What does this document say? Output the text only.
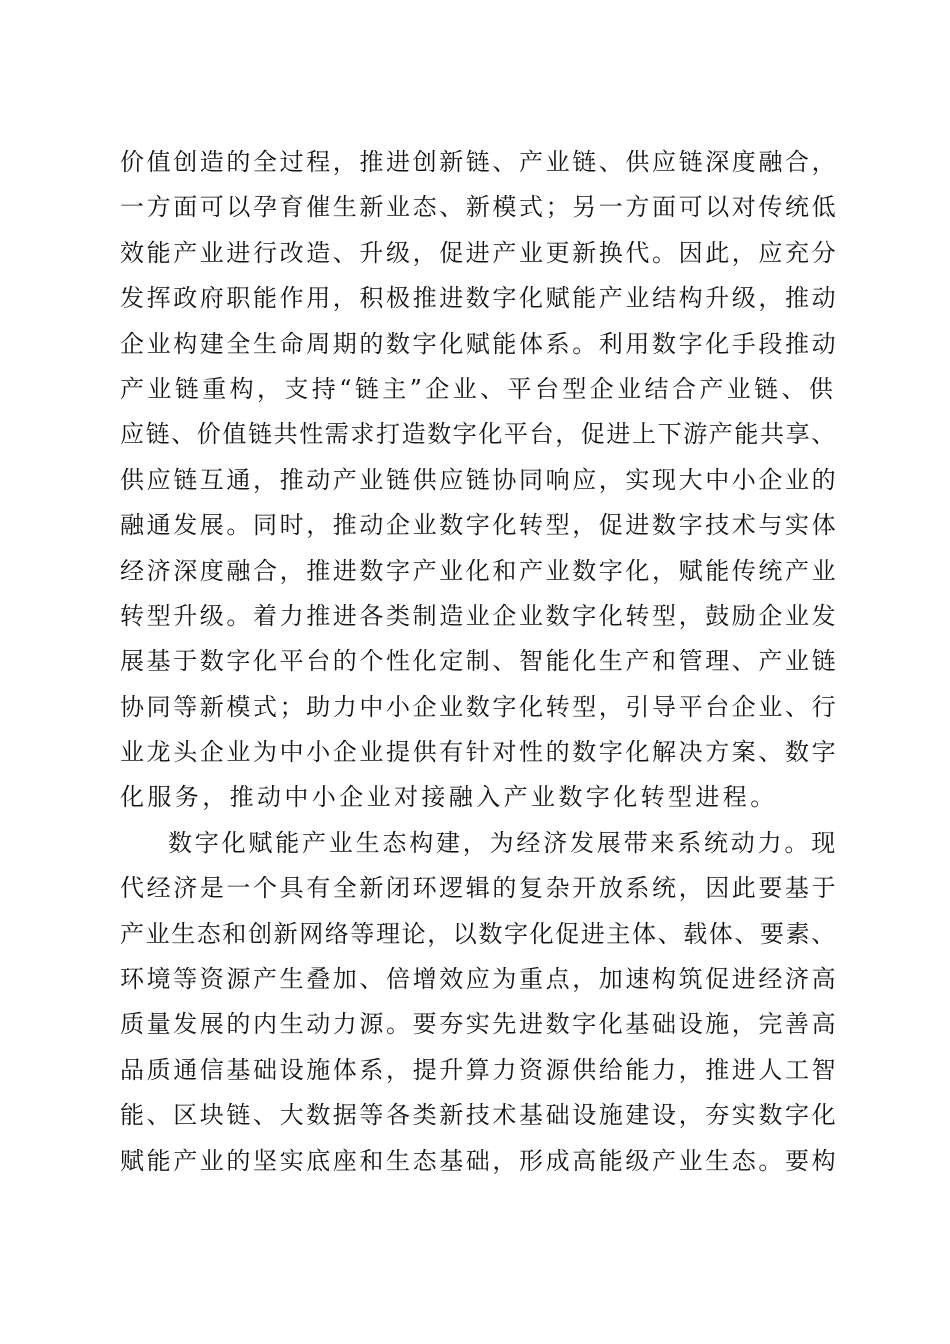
价值创造的全过程，推进创新链、产业链、供应链深度融合，
一方面可以孕育催生新业态、新模式；另一方面可以对传统低
效能产业进行改造、升级，促进产业更新换代。因此，应充分
发挥政府职能作用，积极推进数字化赋能产业结构升级，推动
企业构建全生命周期的数字化赋能体系。利用数字化手段推动
产业链重构，支持“链主”企业、平台型企业结合产业链、供
应链、价值链共性需求打造数字化平台，促进上下游产能共享、
供应链互通，推动产业链供应链协同响应，实现大中小企业的
融通发展。同时，推动企业数字化转型，促进数字技术与实体
经济深度融合，推进数字产业化和产业数字化，赋能传统产业
转型升级。着力推进各类制造业企业数字化转型，鼓励企业发
展基于数字化平台的个性化定制、智能化生产和管理、产业链
协同等新模式；助力中小企业数字化转型，引导平台企业、行
业龙头企业为中小企业提供有针对性的数字化解决方案、数字
化服务，推动中小企业对接融入产业数字化转型进程。
数字化赋能产业生态构建，为经济发展带来系统动力。现
代经济是一个具有全新闭环逻辑的复杂开放系统，因此要基于
产业生态和创新网络等理论，以数字化促进主体、载体、要素、
环境等资源产生叠加、倍增效应为重点，加速构筑促进经济高
质量发展的内生动力源。要夯实先进数字化基础设施，完善高
品质通信基础设施体系，提升算力资源供给能力，推进人工智
能、区块链、大数据等各类新技术基础设施建设，夯实数字化
赋能产业的坚实底座和生态基础，形成高能级产业生态。要构
